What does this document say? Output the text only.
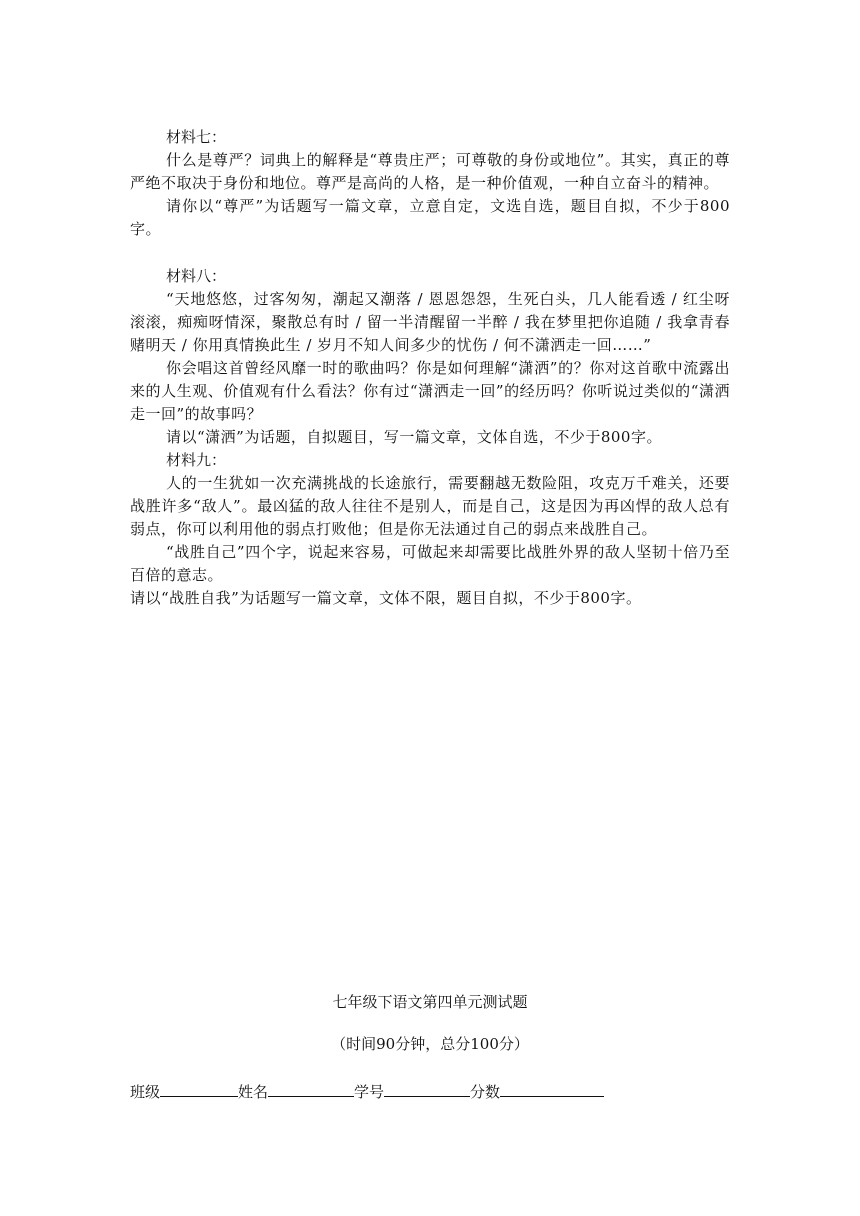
材料七：

什么是尊严？词典上的解释是“尊贵庄严；可尊敬的身份或地位”。其实，真正的尊严绝不取决于身份和地位。尊严是高尚的人格，是一种价值观，一种自立奋斗的精神。

请你以“尊严”为话题写一篇文章，立意自定，文选自选，题目自拟，不少于800字。

材料八：

“天地悠悠，过客匆匆，潮起又潮落 / 恩恩怨怨，生死白头，几人能看透 / 红尘呀滚滚，痴痴呀情深，聚散总有时 / 留一半清醒留一半醉 / 我在梦里把你追随 / 我拿青春赌明天 / 你用真情换此生 / 岁月不知人间多少的忧伤 / 何不潇洒走一回……”

你会唱这首曾经风靡一时的歌曲吗？你是如何理解“潇洒”的？你对这首歌中流露出来的人生观、价值观有什么看法？你有过“潇洒走一回”的经历吗？你听说过类似的“潇洒走一回”的故事吗？

请以“潇洒”为话题，自拟题目，写一篇文章，文体自选，不少于800字。

材料九：

人的一生犹如一次充满挑战的长途旅行，需要翻越无数险阻，攻克万千难关，还要战胜许多“敌人”。最凶猛的敌人往往不是别人，而是自己，这是因为再凶悍的敌人总有弱点，你可以利用他的弱点打败他；但是你无法通过自己的弱点来战胜自己。

“战胜自己”四个字，说起来容易，可做起来却需要比战胜外界的敌人坚韧十倍乃至百倍的意志。

请以“战胜自我”为话题写一篇文章，文体不限，题目自拟，不少于800字。

七年级下语文第四单元测试题

（时间90分钟，总分100分）

班级	姓名	学号	分数
